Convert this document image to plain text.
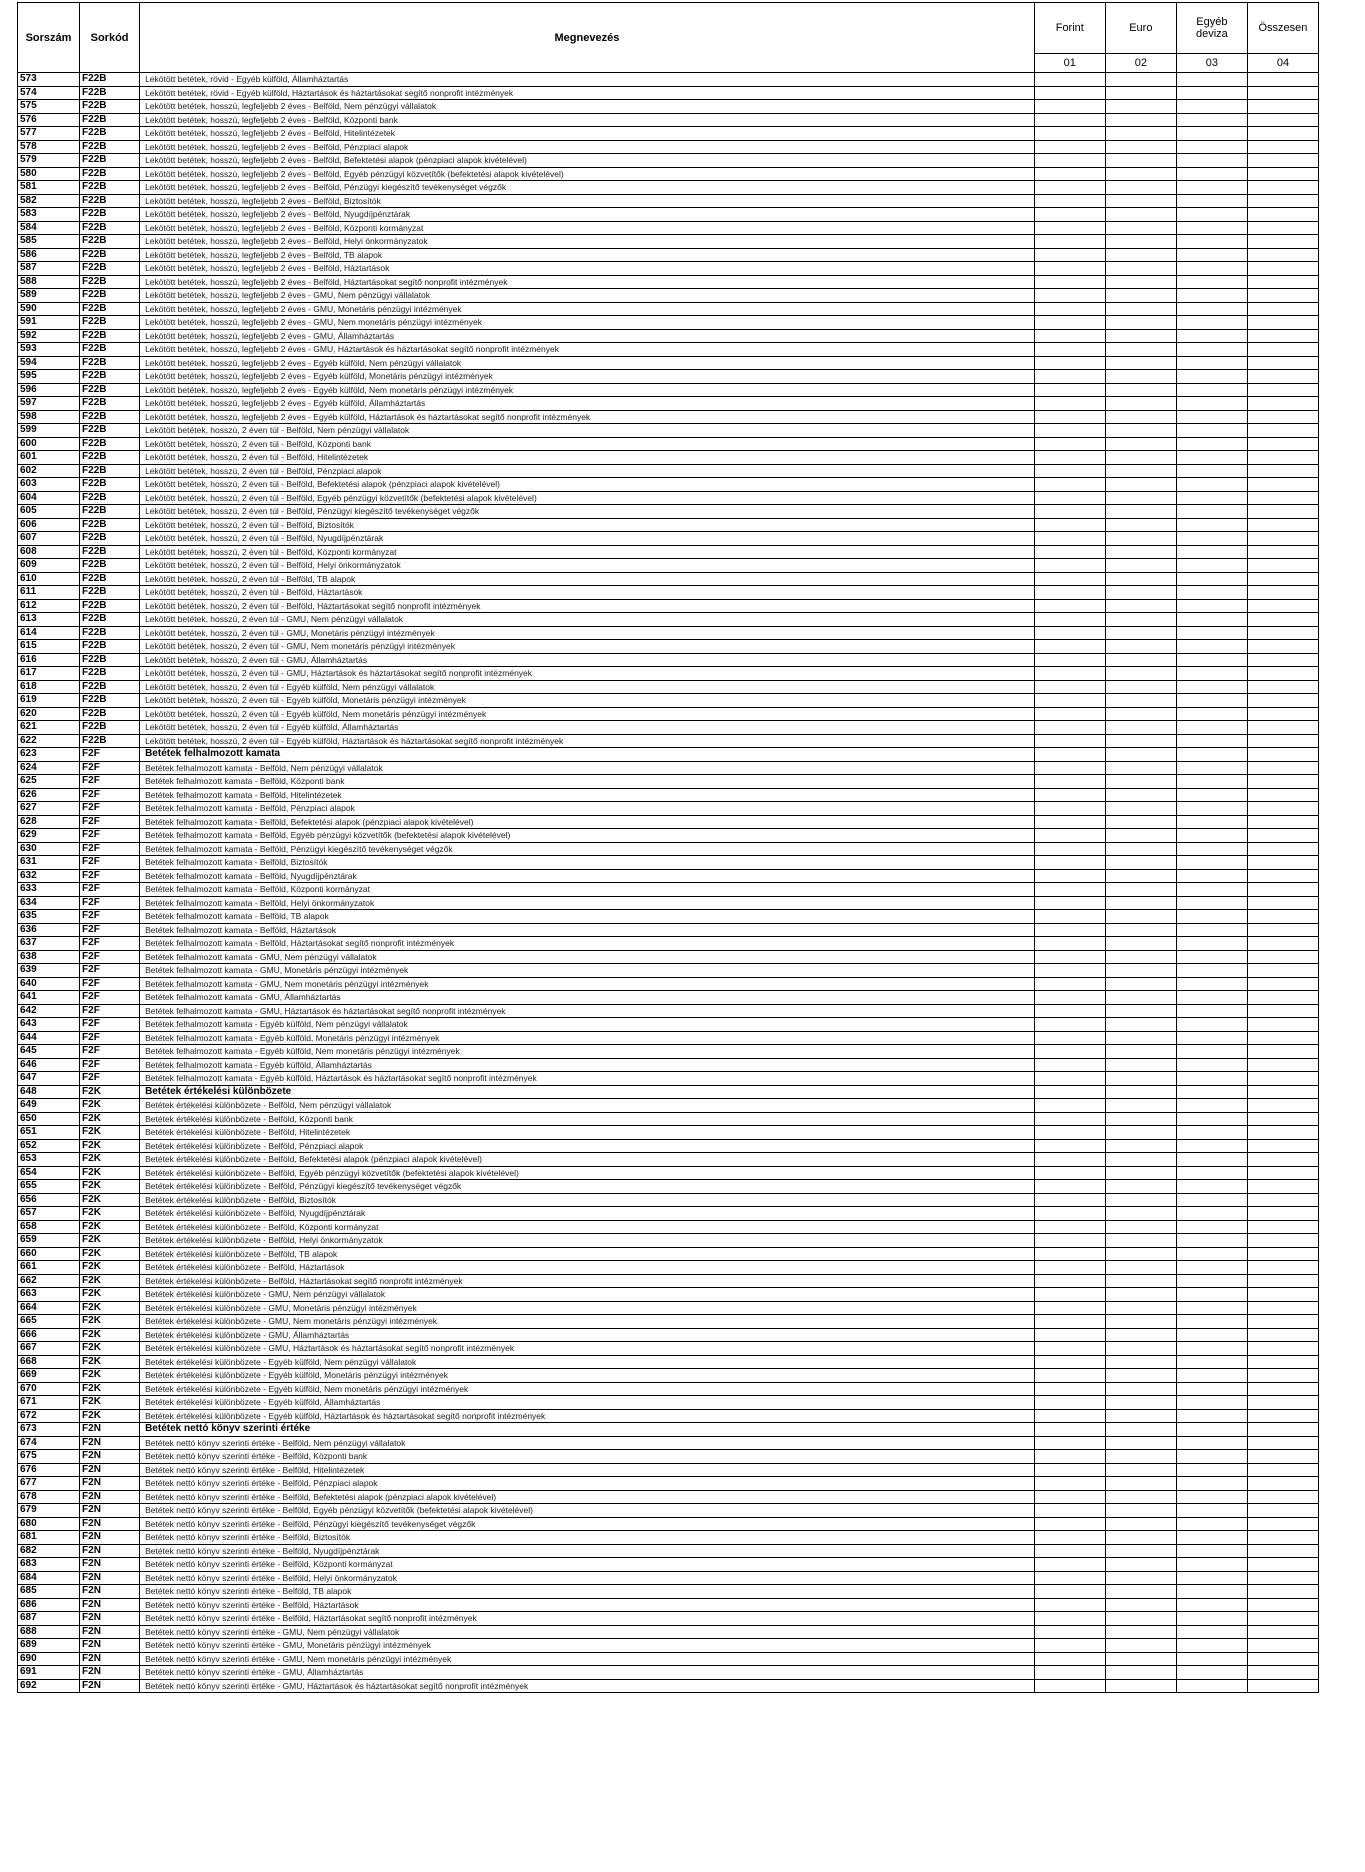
Sorszám	Sorkód	Megnevezés	Forint	Euro	Egyéb deviza	Összesen
			01	02	03	04
573	F22B	Lekötött betétek, rövid - Egyéb külföld, Államháztartás				
574	F22B	Lekötött betétek, rövid - Egyéb külföld, Háztartások és háztartásokat segítő nonprofit intézmények				
575	F22B	Lekötött betétek, hosszú, legfeljebb 2 éves - Belföld, Nem pénzügyi vállalatok				
576	F22B	Lekötött betétek, hosszú, legfeljebb 2 éves - Belföld, Központi bank				
577	F22B	Lekötött betétek, hosszú, legfeljebb 2 éves - Belföld, Hitelintézetek				
578	F22B	Lekötött betétek, hosszú, legfeljebb 2 éves - Belföld, Pénzpiaci alapok				
579	F22B	Lekötött betétek, hosszú, legfeljebb 2 éves - Belföld, Befektetési alapok (pénzpiaci alapok kivételével)				
580	F22B	Lekötött betétek, hosszú, legfeljebb 2 éves - Belföld, Egyéb pénzügyi közvetítők (befektetési alapok kivételével)				
581	F22B	Lekötött betétek, hosszú, legfeljebb 2 éves - Belföld, Pénzügyi kiegészítő tevékenységet végzők				
582	F22B	Lekötött betétek, hosszú, legfeljebb 2 éves - Belföld, Biztosítók				
583	F22B	Lekötött betétek, hosszú, legfeljebb 2 éves - Belföld, Nyugdíjpénztárak				
584	F22B	Lekötött betétek, hosszú, legfeljebb 2 éves - Belföld, Központi kormányzat				
585	F22B	Lekötött betétek, hosszú, legfeljebb 2 éves - Belföld, Helyi önkormányzatok				
586	F22B	Lekötött betétek, hosszú, legfeljebb 2 éves - Belföld, TB alapok				
587	F22B	Lekötött betétek, hosszú, legfeljebb 2 éves - Belföld, Háztartások				
588	F22B	Lekötött betétek, hosszú, legfeljebb 2 éves - Belföld, Háztartásokat segítő nonprofit intézmények				
589	F22B	Lekötött betétek, hosszú, legfeljebb 2 éves - GMU, Nem pénzügyi vállalatok				
590	F22B	Lekötött betétek, hosszú, legfeljebb 2 éves - GMU, Monetáris pénzügyi intézmények				
591	F22B	Lekötött betétek, hosszú, legfeljebb 2 éves - GMU, Nem monetáris pénzügyi intézmények				
592	F22B	Lekötött betétek, hosszú, legfeljebb 2 éves - GMU, Államháztartás				
593	F22B	Lekötött betétek, hosszú, legfeljebb 2 éves - GMU, Háztartások és háztartásokat segítő nonprofit intézmények				
594	F22B	Lekötött betétek, hosszú, legfeljebb 2 éves - Egyéb külföld, Nem pénzügyi vállalatok				
595	F22B	Lekötött betétek, hosszú, legfeljebb 2 éves - Egyéb külföld, Monetáris pénzügyi intézmények				
596	F22B	Lekötött betétek, hosszú, legfeljebb 2 éves - Egyéb külföld, Nem monetáris pénzügyi intézmények				
597	F22B	Lekötött betétek, hosszú, legfeljebb 2 éves - Egyéb külföld, Államháztartás				
598	F22B	Lekötött betétek, hosszú, legfeljebb 2 éves - Egyéb külföld, Háztartások és háztartásokat segítő nonprofit intézmények				
599	F22B	Lekötött betétek, hosszú, 2 éven túl - Belföld, Nem pénzügyi vállalatok				
600	F22B	Lekötött betétek, hosszú, 2 éven túl - Belföld, Központi bank				
601	F22B	Lekötött betétek, hosszú, 2 éven túl - Belföld, Hitelintézetek				
602	F22B	Lekötött betétek, hosszú, 2 éven túl - Belföld, Pénzpiaci alapok				
603	F22B	Lekötött betétek, hosszú, 2 éven túl - Belföld, Befektetési alapok (pénzpiaci alapok kivételével)				
604	F22B	Lekötött betétek, hosszú, 2 éven túl - Belföld, Egyéb pénzügyi közvetítők (befektetési alapok kivételével)				
605	F22B	Lekötött betétek, hosszú, 2 éven túl - Belföld, Pénzügyi kiegészítő tevékenységet végzők				
606	F22B	Lekötött betétek, hosszú, 2 éven túl - Belföld, Biztosítók				
607	F22B	Lekötött betétek, hosszú, 2 éven túl - Belföld, Nyugdíjpénztárak				
608	F22B	Lekötött betétek, hosszú, 2 éven túl - Belföld, Központi kormányzat				
609	F22B	Lekötött betétek, hosszú, 2 éven túl - Belföld, Helyi önkormányzatok				
610	F22B	Lekötött betétek, hosszú, 2 éven túl - Belföld, TB alapok				
611	F22B	Lekötött betétek, hosszú, 2 éven túl - Belföld, Háztartások				
612	F22B	Lekötött betétek, hosszú, 2 éven túl - Belföld, Háztartásokat segítő nonprofit intézmények				
613	F22B	Lekötött betétek, hosszú, 2 éven túl - GMU, Nem pénzügyi vállalatok				
614	F22B	Lekötött betétek, hosszú, 2 éven túl - GMU, Monetáris pénzügyi intézmények				
615	F22B	Lekötött betétek, hosszú, 2 éven túl - GMU, Nem monetáris pénzügyi intézmények				
616	F22B	Lekötött betétek, hosszú, 2 éven túl - GMU, Államháztartás				
617	F22B	Lekötött betétek, hosszú, 2 éven túl - GMU, Háztartások és háztartásokat segítő nonprofit intézmények				
618	F22B	Lekötött betétek, hosszú, 2 éven túl - Egyéb külföld, Nem pénzügyi vállalatok				
619	F22B	Lekötött betétek, hosszú, 2 éven túl - Egyéb külföld, Monetáris pénzügyi intézmények				
620	F22B	Lekötött betétek, hosszú, 2 éven túl - Egyéb külföld, Nem monetáris pénzügyi intézmények				
621	F22B	Lekötött betétek, hosszú, 2 éven túl - Egyéb külföld, Államháztartás				
622	F22B	Lekötött betétek, hosszú, 2 éven túl - Egyéb külföld, Háztartások és háztartásokat segítő nonprofit intézmények				
623	F2F	Betétek felhalmozott kamata				
624	F2F	Betétek felhalmozott kamata - Belföld, Nem pénzügyi vállalatok				
625	F2F	Betétek felhalmozott kamata - Belföld, Központi bank				
626	F2F	Betétek felhalmozott kamata - Belföld, Hitelintézetek				
627	F2F	Betétek felhalmozott kamata - Belföld, Pénzpiaci alapok				
628	F2F	Betétek felhalmozott kamata - Belföld, Befektetési alapok (pénzpiaci alapok kivételével)				
629	F2F	Betétek felhalmozott kamata - Belföld, Egyéb pénzügyi közvetítők (befektetési alapok kivételével)				
630	F2F	Betétek felhalmozott kamata - Belföld, Pénzügyi kiegészítő tevékenységet végzők				
631	F2F	Betétek felhalmozott kamata - Belföld, Biztosítók				
632	F2F	Betétek felhalmozott kamata - Belföld, Nyugdíjpénztárak				
633	F2F	Betétek felhalmozott kamata - Belföld, Központi kormányzat				
634	F2F	Betétek felhalmozott kamata - Belföld, Helyi önkormányzatok				
635	F2F	Betétek felhalmozott kamata - Belföld, TB alapok				
636	F2F	Betétek felhalmozott kamata - Belföld, Háztartások				
637	F2F	Betétek felhalmozott kamata - Belföld, Háztartásokat segítő nonprofit intézmények				
638	F2F	Betétek felhalmozott kamata - GMU, Nem pénzügyi vállalatok				
639	F2F	Betétek felhalmozott kamata - GMU, Monetáris pénzügyi intézmények				
640	F2F	Betétek felhalmozott kamata - GMU, Nem monetáris pénzügyi intézmények				
641	F2F	Betétek felhalmozott kamata - GMU, Államháztartás				
642	F2F	Betétek felhalmozott kamata - GMU, Háztartások és háztartásokat segítő nonprofit intézmények				
643	F2F	Betétek felhalmozott kamata - Egyéb külföld, Nem pénzügyi vállalatok				
644	F2F	Betétek felhalmozott kamata - Egyéb külföld, Monetáris pénzügyi intézmények				
645	F2F	Betétek felhalmozott kamata - Egyéb külföld, Nem monetáris pénzügyi intézmények				
646	F2F	Betétek felhalmozott kamata - Egyéb külföld, Államháztartás				
647	F2F	Betétek felhalmozott kamata - Egyéb külföld, Háztartások és háztartásokat segítő nonprofit intézmények				
648	F2K	Betétek értékelési különbözete				
649	F2K	Betétek értékelési különbözete - Belföld, Nem pénzügyi vállalatok				
650	F2K	Betétek értékelési különbözete - Belföld, Központi bank				
651	F2K	Betétek értékelési különbözete - Belföld, Hitelintézetek				
652	F2K	Betétek értékelési különbözete - Belföld, Pénzpiaci alapok				
653	F2K	Betétek értékelési különbözete - Belföld, Befektetési alapok (pénzpiaci alapok kivételével)				
654	F2K	Betétek értékelési különbözete - Belföld, Egyéb pénzügyi közvetítők (befektetési alapok kivételével)				
655	F2K	Betétek értékelési különbözete - Belföld, Pénzügyi kiegészítő tevékenységet végzők				
656	F2K	Betétek értékelési különbözete - Belföld, Biztosítók				
657	F2K	Betétek értékelési különbözete - Belföld, Nyugdíjpénztárak				
658	F2K	Betétek értékelési különbözete - Belföld, Központi kormányzat				
659	F2K	Betétek értékelési különbözete - Belföld, Helyi önkormányzatok				
660	F2K	Betétek értékelési különbözete - Belföld, TB alapok				
661	F2K	Betétek értékelési különbözete - Belföld, Háztartások				
662	F2K	Betétek értékelési különbözete - Belföld, Háztartásokat segítő nonprofit intézmények				
663	F2K	Betétek értékelési különbözete - GMU, Nem pénzügyi vállalatok				
664	F2K	Betétek értékelési különbözete - GMU, Monetáris pénzügyi intézmények				
665	F2K	Betétek értékelési különbözete - GMU, Nem monetáris pénzügyi intézmények				
666	F2K	Betétek értékelési különbözete - GMU, Államháztartás				
667	F2K	Betétek értékelési különbözete - GMU, Háztartások és háztartásokat segítő nonprofit intézmények				
668	F2K	Betétek értékelési különbözete - Egyéb külföld, Nem pénzügyi vállalatok				
669	F2K	Betétek értékelési különbözete - Egyéb külföld, Monetáris pénzügyi intézmények				
670	F2K	Betétek értékelési különbözete - Egyéb külföld, Nem monetáris pénzügyi intézmények				
671	F2K	Betétek értékelési különbözete - Egyéb külföld, Államháztartás				
672	F2K	Betétek értékelési különbözete - Egyéb külföld, Háztartások és háztartásokat segítő nonprofit intézmények				
673	F2N	Betétek nettó könyv szerinti értéke				
674	F2N	Betétek nettó könyv szerinti értéke - Belföld, Nem pénzügyi vállalatok				
675	F2N	Betétek nettó könyv szerinti értéke - Belföld, Központi bank				
676	F2N	Betétek nettó könyv szerinti értéke - Belföld, Hitelintézetek				
677	F2N	Betétek nettó könyv szerinti értéke - Belföld, Pénzpiaci alapok				
678	F2N	Betétek nettó könyv szerinti értéke - Belföld, Befektetési alapok (pénzpiaci alapok kivételével)				
679	F2N	Betétek nettó könyv szerinti értéke - Belföld, Egyéb pénzügyi közvetítők (befektetési alapok kivételével)				
680	F2N	Betétek nettó könyv szerinti értéke - Belföld, Pénzügyi kiegészítő tevékenységet végzők				
681	F2N	Betétek nettó könyv szerinti értéke - Belföld, Biztosítók				
682	F2N	Betétek nettó könyv szerinti értéke - Belföld, Nyugdíjpénztárak				
683	F2N	Betétek nettó könyv szerinti értéke - Belföld, Központi kormányzat				
684	F2N	Betétek nettó könyv szerinti értéke - Belföld, Helyi önkormányzatok				
685	F2N	Betétek nettó könyv szerinti értéke - Belföld, TB alapok				
686	F2N	Betétek nettó könyv szerinti értéke - Belföld, Háztartások				
687	F2N	Betétek nettó könyv szerinti értéke - Belföld, Háztartásokat segítő nonprofit intézmények				
688	F2N	Betétek nettó könyv szerinti értéke - GMU, Nem pénzügyi vállalatok				
689	F2N	Betétek nettó könyv szerinti értéke - GMU, Monetáris pénzügyi intézmények				
690	F2N	Betétek nettó könyv szerinti értéke - GMU, Nem monetáris pénzügyi intézmények				
691	F2N	Betétek nettó könyv szerinti értéke - GMU, Államháztartás				
692	F2N	Betétek nettó könyv szerinti értéke - GMU, Háztartások és háztartásokat segítő nonprofit intézmények				
